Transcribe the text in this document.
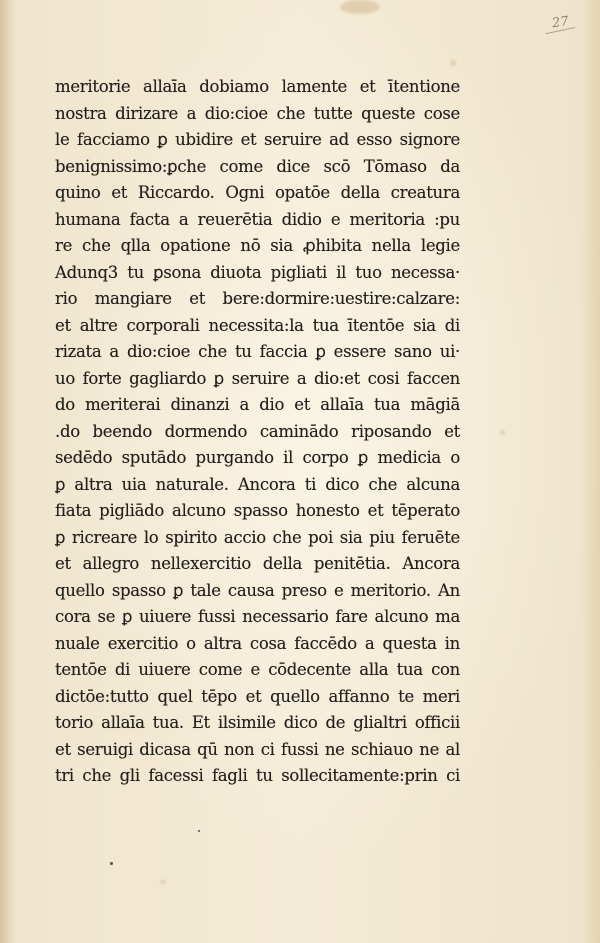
27
meritorie allaīa dobiamo lamente et ītentione
nostra dirizare a dio:cioe che tutte queste cose
le facciamo ꝑ ubidire et seruire ad esso signore
benignissimo:ꝑche come dice scō Tōmaso da
quino et Riccardo. Ogni opatōe della creatura
humana facta a reuerētia didio e meritoria :pu
re che qlla opatione nō sia ꝓhibita nella legie
Adunq3 tu ꝑsona diuota pigliati il tuo necessa·
rio mangiare et bere:dormire:uestire:calzare:
et altre corporali necessita:la tua ītentōe sia di
rizata a dio:cioe che tu faccia ꝑ essere sano ui·
uo forte gagliardo ꝑ seruire a dio:et cosi faccen
do meriterai dinanzi a dio et allaīa tua māgiā
.do beendo dormendo caminādo riposando et
sedēdo sputādo purgando il corpo ꝑ medicia o
ꝑ altra uia naturale. Ancora ti dico che alcuna
fiata pigliādo alcuno spasso honesto et tēperato
ꝑ ricreare lo spirito accio che poi sia piu feruēte
et allegro nellexercitio della penitētia. Ancora
quello spasso ꝑ tale causa preso e meritorio. An
cora se ꝑ uiuere fussi necessario fare alcuno ma
nuale exercitio o altra cosa faccēdo a questa in
tentōe di uiuere come e cōdecente alla tua con
dictōe:tutto quel tēpo et quello affanno te meri
torio allaīa tua. Et ilsimile dico de glialtri officii
et seruigi dicasa qū non ci fussi ne schiauo ne al
tri che gli facessi fagli tu sollecitamente:prin ci
